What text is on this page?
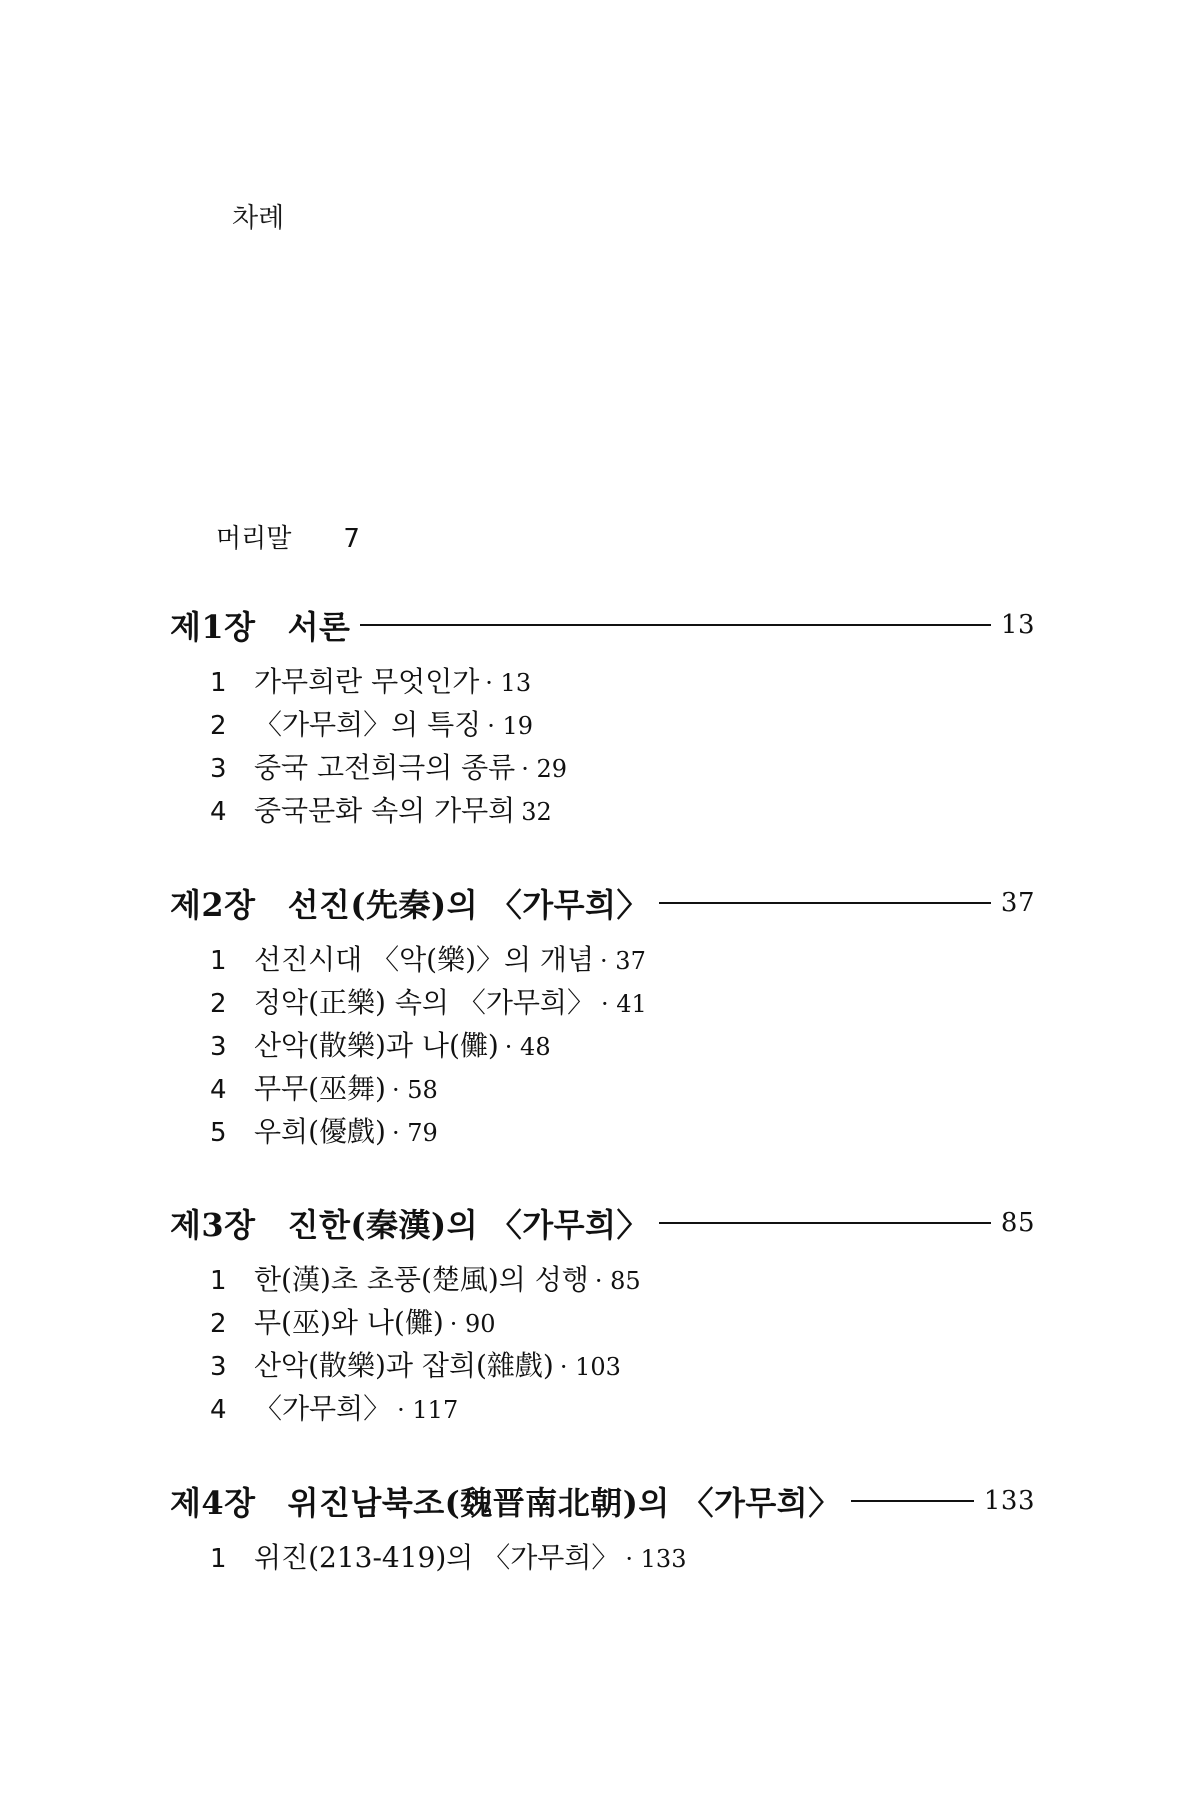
차례
머리말 7
제1장 서론	13
1 가무희란 무엇인가 · 13
2 〈가무희〉의 특징 · 19
3 중국 고전희극의 종류 · 29
4 중국문화 속의 가무희 32
제2장 선진(先秦)의 〈가무희〉	37
1 선진시대 〈악(樂)〉의 개념 · 37
2 정악(正樂) 속의 〈가무희〉 · 41
3 산악(散樂)과 나(儺) · 48
4 무무(巫舞) · 58
5 우희(優戲) · 79
제3장 진한(秦漢)의 〈가무희〉	85
1 한(漢)초 초풍(楚風)의 성행 · 85
2 무(巫)와 나(儺) · 90
3 산악(散樂)과 잡희(雜戲) · 103
4 〈가무희〉 · 117
제4장 위진남북조(魏晋南北朝)의 〈가무희〉	133
1 위진(213-419)의 〈가무희〉 · 133
